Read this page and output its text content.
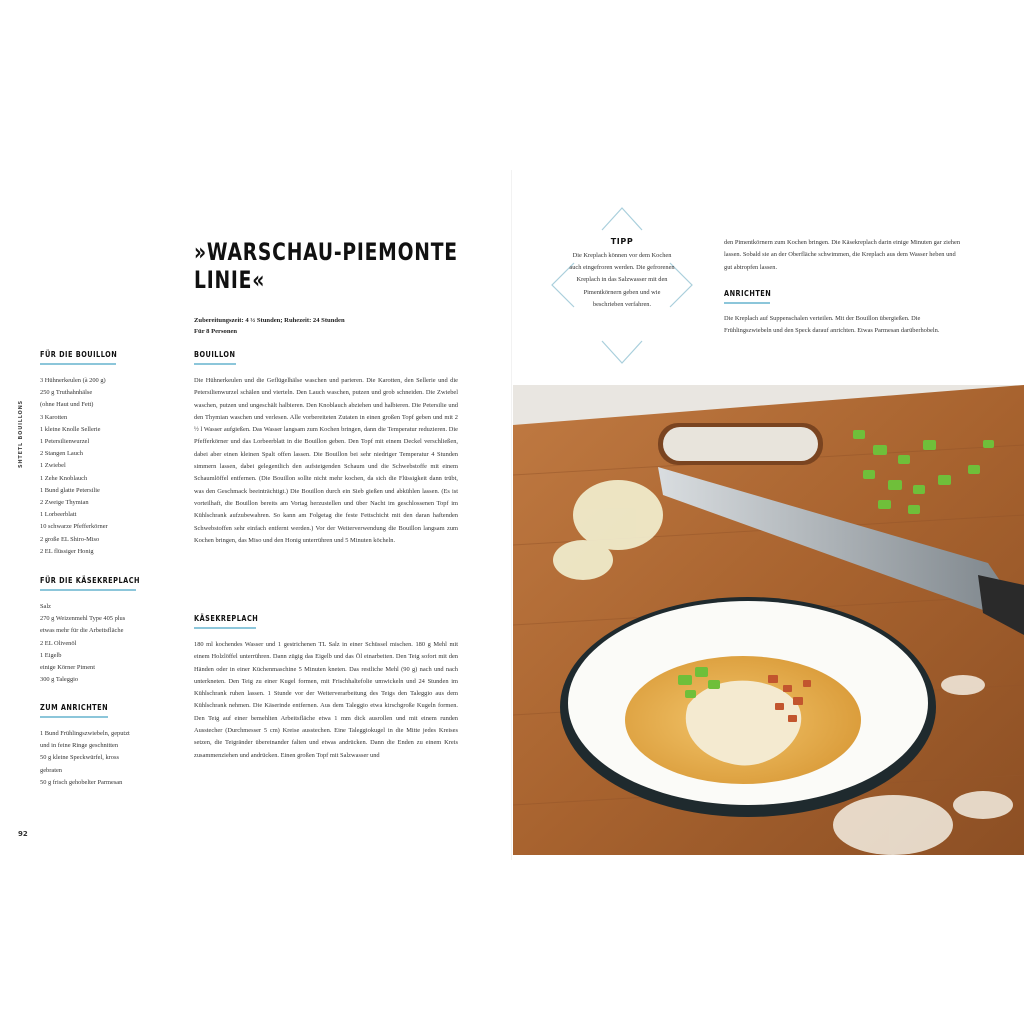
SHTETL BOUILLONS
92
»WARSCHAU-PIEMONTE
LINIE«
Zubereitungszeit: 4 ½ Stunden; Ruhezeit: 24 Stunden
Für 8 Personen
FÜR DIE BOUILLON
3 Hühnerkeulen (à 200 g)
250 g Truthahnhälse
(ohne Haut und Fett)
3 Karotten
1 kleine Knolle Sellerie
1 Petersilienwurzel
2 Stangen Lauch
1 Zwiebel
1 Zehe Knoblauch
1 Bund glatte Petersilie
2 Zweige Thymian
1 Lorbeerblatt
10 schwarze Pfefferkörner
2 große EL Shiro-Miso
2 EL flüssiger Honig
FÜR DIE KÄSEKREPLACH
Salz
270 g Weizenmehl Type 405 plus
etwas mehr für die Arbeitsfläche
2 EL Olivenöl
1 Eigelb
einige Körner Piment
300 g Taleggio
ZUM ANRICHTEN
1 Bund Frühlingszwiebeln, geputzt
und in feine Ringe geschnitten
50 g kleine Speckwürfel, kross
gebraten
50 g frisch gehobelter Parmesan
BOUILLON

Die Hühnerkeulen und die Geflügelhälse waschen und parieren. Die Karotten, den Sellerie und die Petersilienwurzel schälen und vierteln. Den Lauch waschen, putzen und grob schneiden. Die Zwiebel waschen, putzen und ungeschält halbieren. Den Knoblauch abziehen und halbieren. Die Petersilie und den Thymian waschen und verlesen. Alle vorbereiteten Zutaten in einen großen Topf geben und mit 2 ½ l Wasser aufgießen. Das Wasser langsam zum Kochen bringen, dann die Temperatur reduzieren. Die Pfefferkörner und das Lorbeerblatt in die Bouillon geben. Den Topf mit einem Deckel verschließen, dabei aber einen kleinen Spalt offen lassen. Die Bouillon bei sehr niedriger Temperatur 4 Stunden simmern lassen, dabei gelegentlich den aufsteigenden Schaum und die Schwebstoffe mit einem Schaumlöffel entfernen. (Die Bouillon sollte nicht mehr kochen, da sich die Flüssigkeit dann trübt, was den Geschmack beeinträchtigt.) Die Bouillon durch ein Sieb gießen und abkühlen lassen. (Es ist vorteilhaft, die Bouillon bereits am Vortag herzustellen und über Nacht im geschlossenen Topf im Kühlschrank aufzubewahren. So kann am Folgetag die feste Fettschicht mit den daran haftenden Schwebstoffen sehr einfach entfernt werden.) Vor der Weiterverwendung die Bouillon langsam zum Kochen bringen, das Miso und den Honig unterrühren und 5 Minuten köcheln.

KÄSEKREPLACH

180 ml kochendes Wasser und 1 gestrichenen TL Salz in einer Schüssel mischen. 180 g Mehl mit einem Holzlöffel unterrühren. Dann zügig das Eigelb und das Öl einarbeiten. Den Teig sofort mit den Händen oder in einer Küchenmaschine 5 Minuten kneten. Das restliche Mehl (90 g) nach und nach unterkneten. Den Teig zu einer Kugel formen, mit Frischhaltefolie umwickeln und 24 Stunden im Kühlschrank ruhen lassen. 1 Stunde vor der Weiterverarbeitung des Teigs den Taleggio aus dem Kühlschrank nehmen. Die Käserinde entfernen. Aus dem Taleggio etwa kirschgroße Kugeln formen. Den Teig auf einer bemehlten Arbeitsfläche etwa 1 mm dick ausrollen und mit einem runden Ausstecher (Durchmesser 5 cm) Kreise ausstechen. Eine Taleggiokugel in die Mitte jedes Kreises setzen, die Teigränder übereinander falten und etwas andrücken. Dann die Enden zu einem Kreis zusammenziehen und andrücken. Einen großen Topf mit Salzwasser und

TIPP
Die Kreplach können vor dem Kochen auch eingefroren werden. Die gefrorenen Kreplach in das Salzwasser mit den Pimentkörnern geben und wie beschrieben verfahren.

den Pimentkörnern zum Kochen bringen. Die Käsekreplach darin einige Minuten gar ziehen lassen. Sobald sie an der Oberfläche schwimmen, die Kreplach aus dem Wasser heben und gut abtropfen lassen.

ANRICHTEN

Die Kreplach auf Suppenschalen verteilen. Mit der Bouillon übergießen. Die Frühlingszwiebeln und den Speck darauf anrichten. Etwas Parmesan darüberhobeln.
